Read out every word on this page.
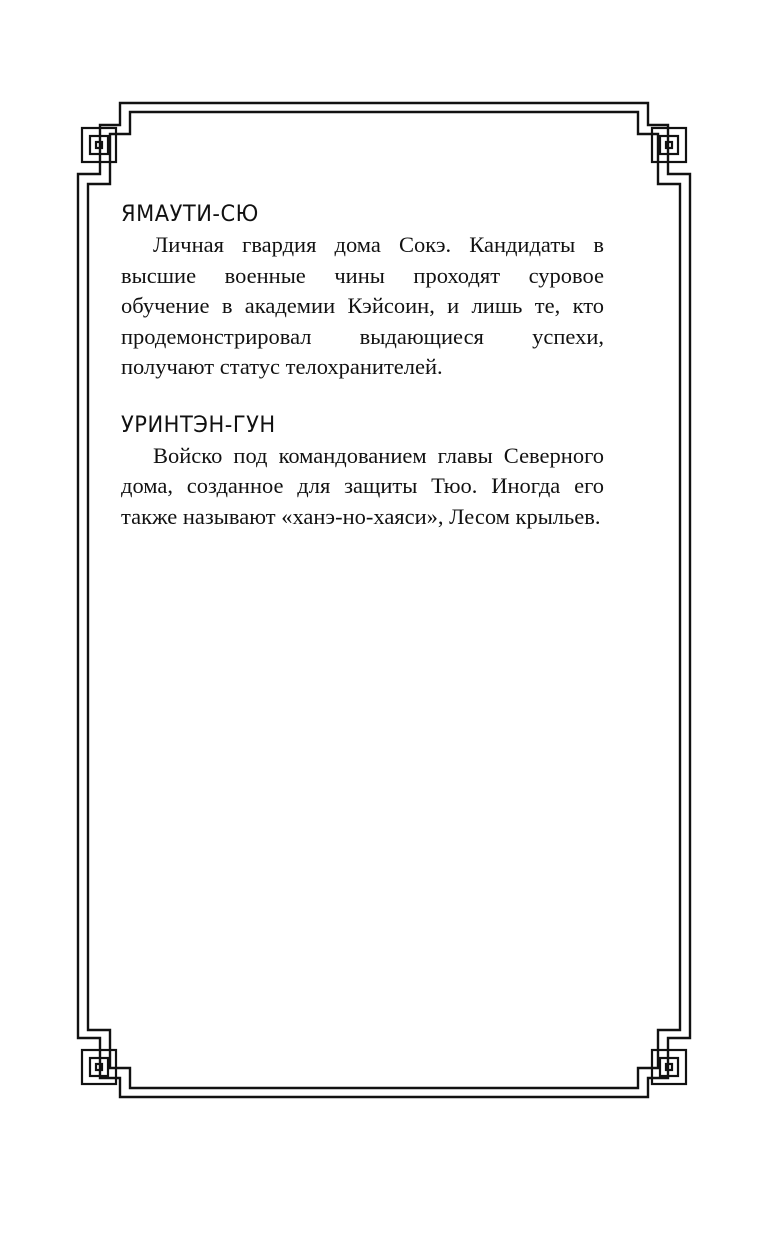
ЯМАУТИ-СЮ

Личная гвардия дома Сокэ. Кандидаты в высшие военные чины проходят суровое обучение в академии Кэйсоин, и лишь те, кто продемонстрировал выдающиеся успехи, получают статус телохранителей.

УРИНТЭН-ГУН

Войско под командованием главы Северного дома, созданное для защиты Тюо. Иногда его также называют «ханэ-но-хаяси», Лесом крыльев.
